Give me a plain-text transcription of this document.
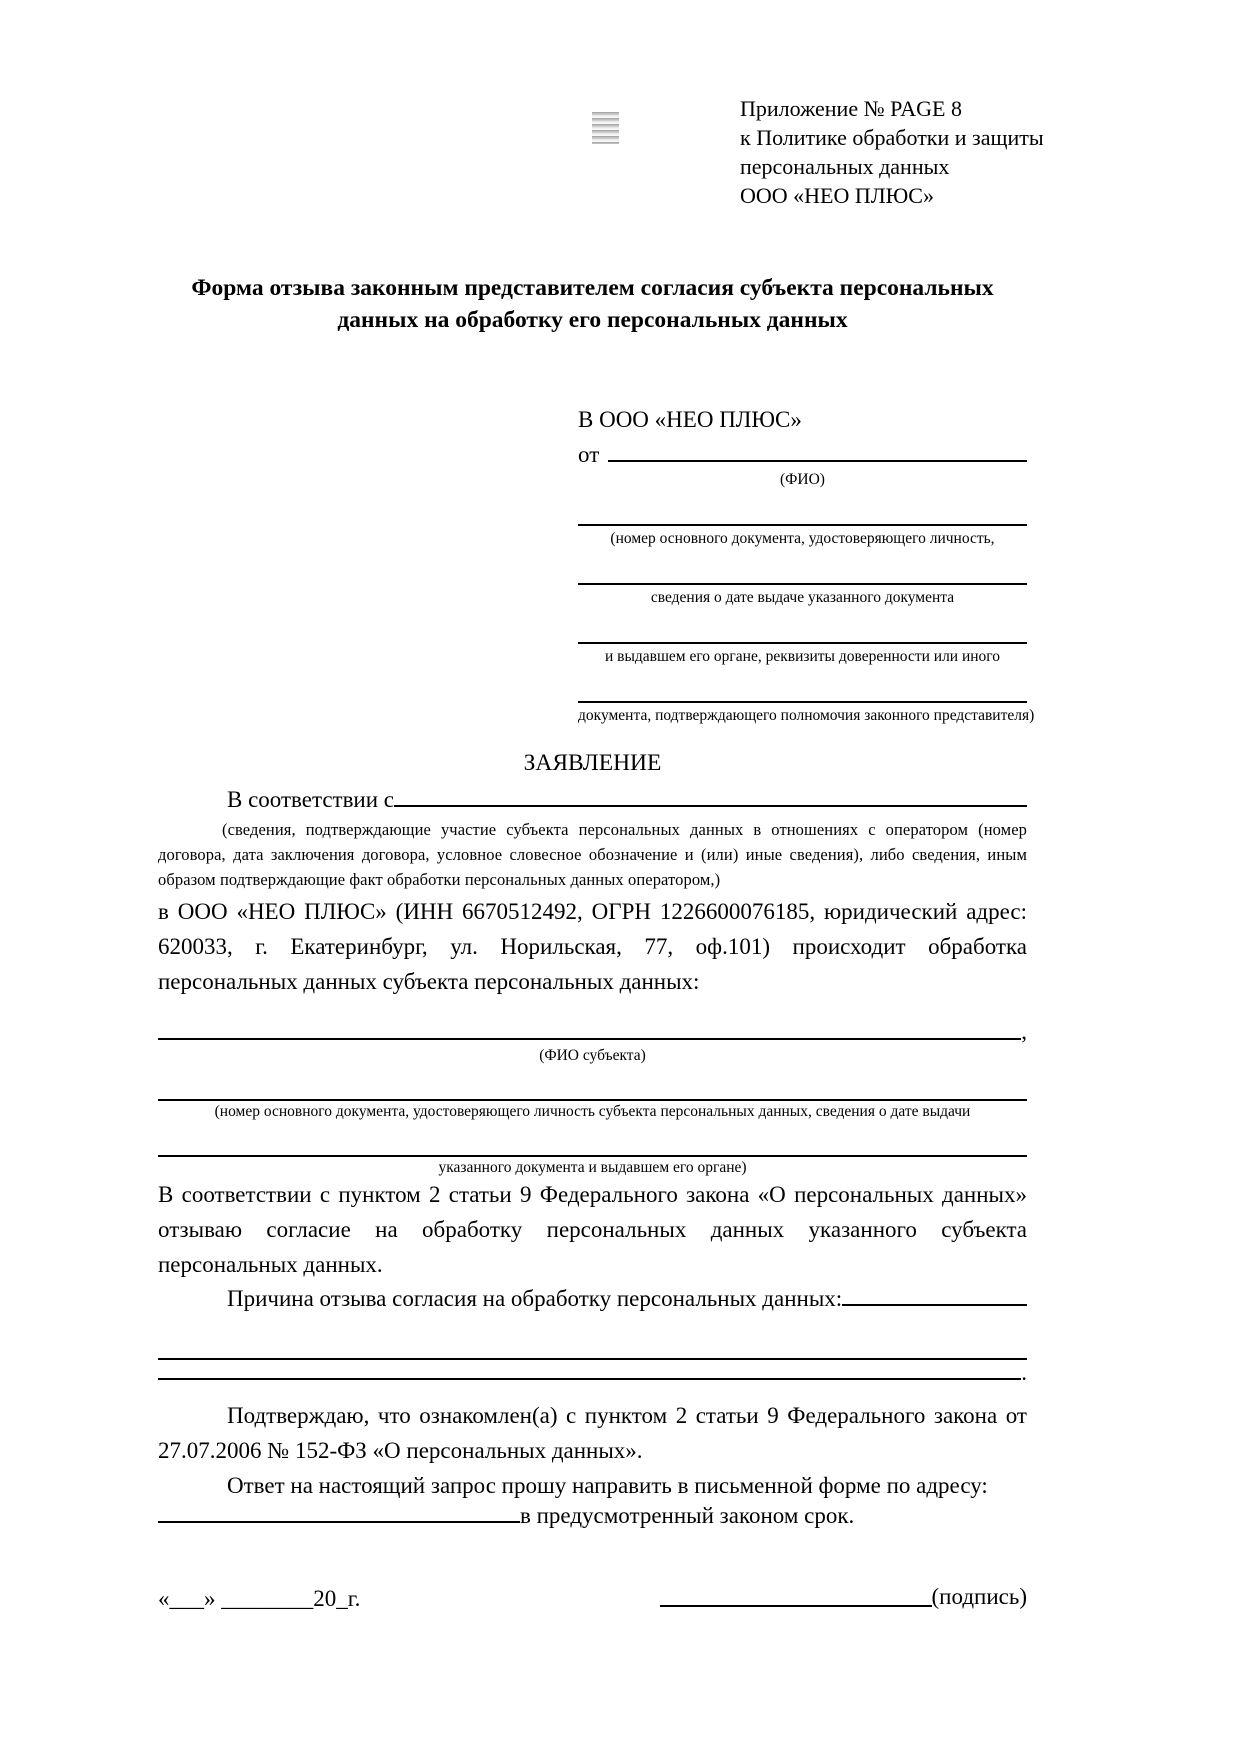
Приложение № PAGE 8
к Политике обработки и защиты
персональных данных
ООО «НЕО ПЛЮС»
Форма отзыва законным представителем согласия субъекта персональных данных на обработку его персональных данных
В ООО «НЕО ПЛЮС»
от
(ФИО)
(номер основного документа, удостоверяющего личность,
сведения о дате выдаче указанного документа
и выдавшем его органе, реквизиты доверенности или иного
документа, подтверждающего полномочия законного представителя)
ЗАЯВЛЕНИЕ
В соответствии с
(сведения, подтверждающие участие субъекта персональных данных в отношениях с оператором (номер договора, дата заключения договора, условное словесное обозначение и (или) иные сведения), либо сведения, иным образом подтверждающие факт обработки персональных данных оператором,)

в ООО «НЕО ПЛЮС» (ИНН 6670512492, ОГРН 1226600076185, юридический адрес: 620033, г. Екатеринбург, ул. Норильская, 77, оф.101) происходит обработка персональных данных субъекта персональных данных:

,
(ФИО субъекта)
(номер основного документа, удостоверяющего личность субъекта персональных данных, сведения о дате выдачи
указанного документа и выдавшем его органе)

В соответствии с пунктом 2 статьи 9 Федерального закона «О персональных данных» отзываю согласие на обработку персональных данных указанного субъекта персональных данных.

Причина отзыва согласия на обработку персональных данных:
.

Подтверждаю, что ознакомлен(а) с пунктом 2 статьи 9 Федерального закона от 27.07.2006 № 152-ФЗ «О персональных данных».

Ответ на настоящий запрос прошу направить в письменной форме по адресу:

в предусмотренный законом срок.
«___» ________20_г.	(подпись)
